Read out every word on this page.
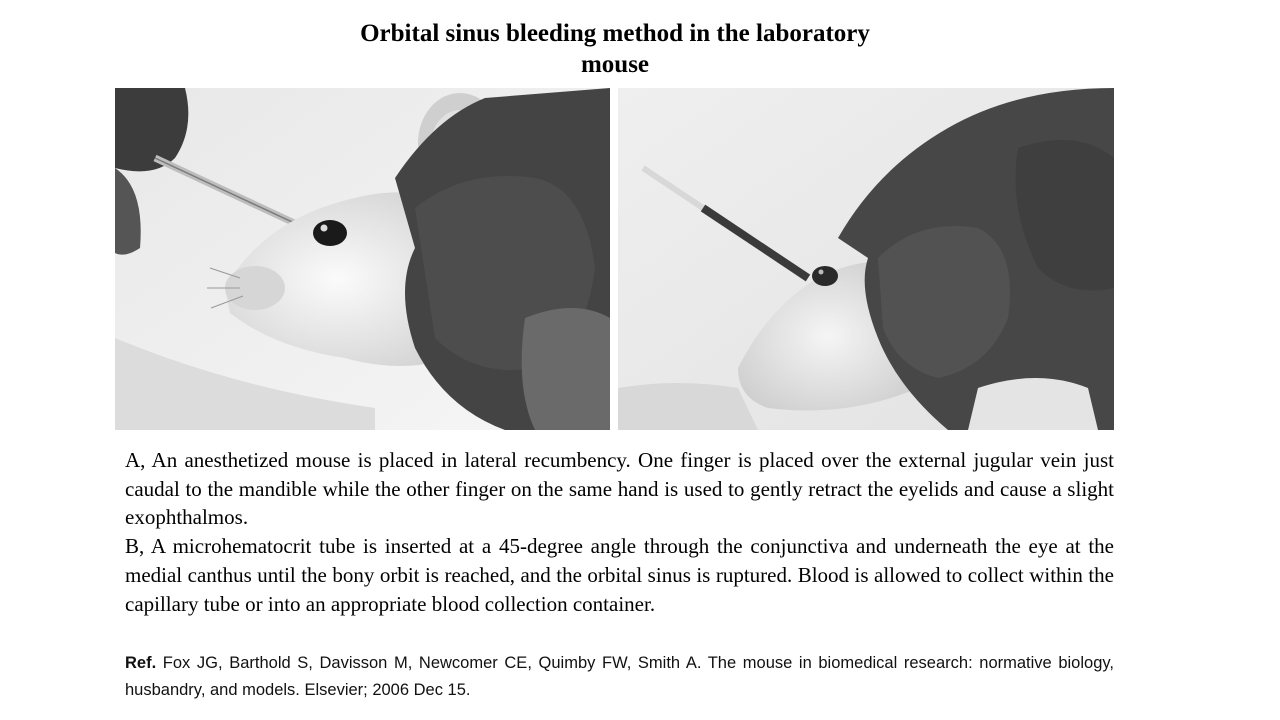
Orbital sinus bleeding method in the laboratory
mouse

A, An anesthetized mouse is placed in lateral recumbency. One finger is placed over the external jugular vein just caudal to the mandible while the other finger on the same hand is used to gently retract the eyelids and cause a slight exophthalmos.

B, A microhematocrit tube is inserted at a 45-degree angle through the conjunctiva and underneath the eye at the medial canthus until the bony orbit is reached, and the orbital sinus is ruptured. Blood is allowed to collect within the capillary tube or into an appropriate blood collection container.

Ref. Fox JG, Barthold S, Davisson M, Newcomer CE, Quimby FW, Smith A. The mouse in biomedical research: normative biology, husbandry, and models. Elsevier; 2006 Dec 15.
